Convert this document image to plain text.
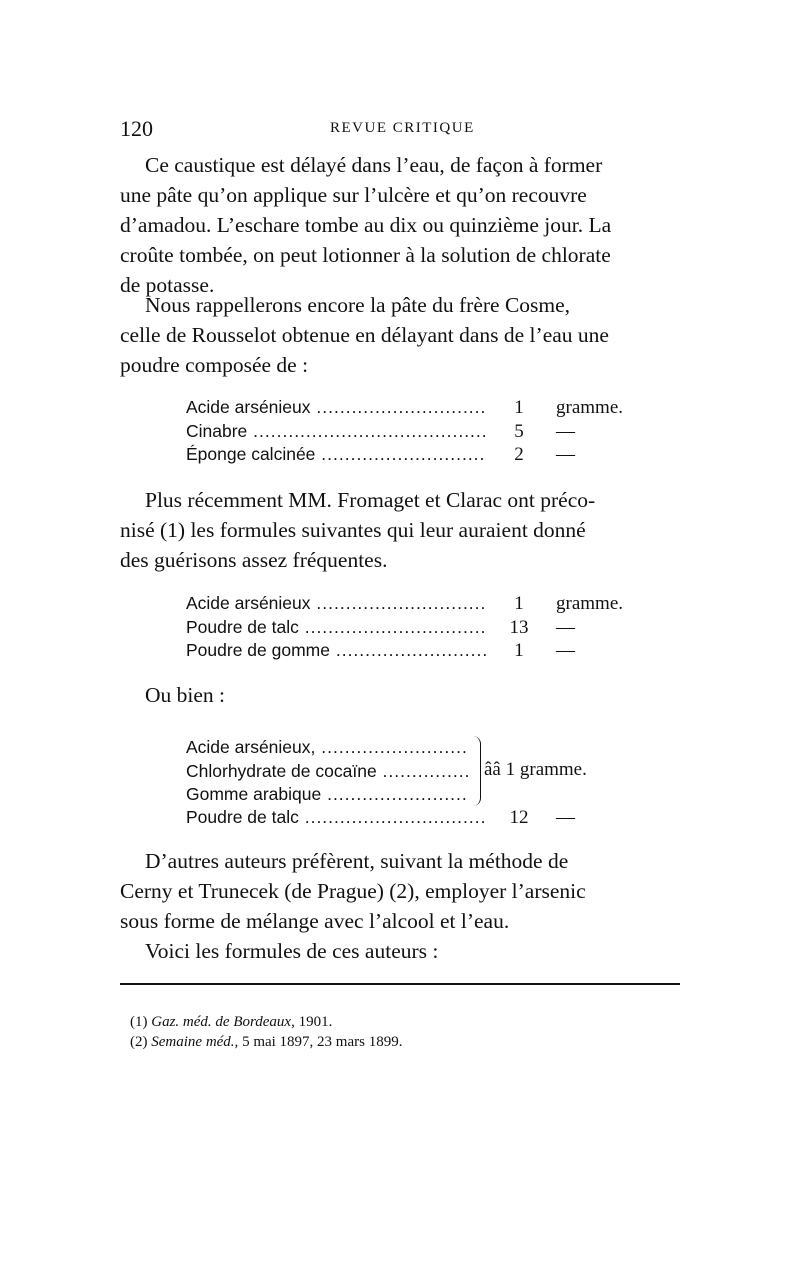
120	REVUE CRITIQUE
Ce caustique est délayé dans l’eau, de façon à former
une pâte qu’on applique sur l’ulcère et qu’on recouvre
d’amadou. L’eschare tombe au dix ou quinzième jour. La
croûte tombée, on peut lotionner à la solution de chlorate
de potasse.
Nous rappellerons encore la pâte du frère Cosme,
celle de Rousselot obtenue en délayant dans de l’eau une
poudre composée de :
Acide arsénieux .....	1	gramme.
Cinabre .....	5	—
Éponge calcinée .....	2	—
Plus récemment MM. Fromaget et Clarac ont préco-
nisé (1) les formules suivantes qui leur auraient donné
des guérisons assez fréquentes.
Acide arsénieux .....	1	gramme.
Poudre de talc .....	13 —
Poudre de gomme .....	1	—
Ou bien :
Acide arsénieux, .....
Chlorhydrate de cocaïne .....
Gomme arabique .....
ââ 1 gramme.
Poudre de talc .....	12 —
D’autres auteurs préfèrent, suivant la méthode de
Cerny et Trunecek (de Prague) (2), employer l’arsenic
sous forme de mélange avec l’alcool et l’eau.
Voici les formules de ces auteurs :
(1) Gaz. méd. de Bordeaux, 1901.
(2) Semaine méd., 5 mai 1897, 23 mars 1899.
